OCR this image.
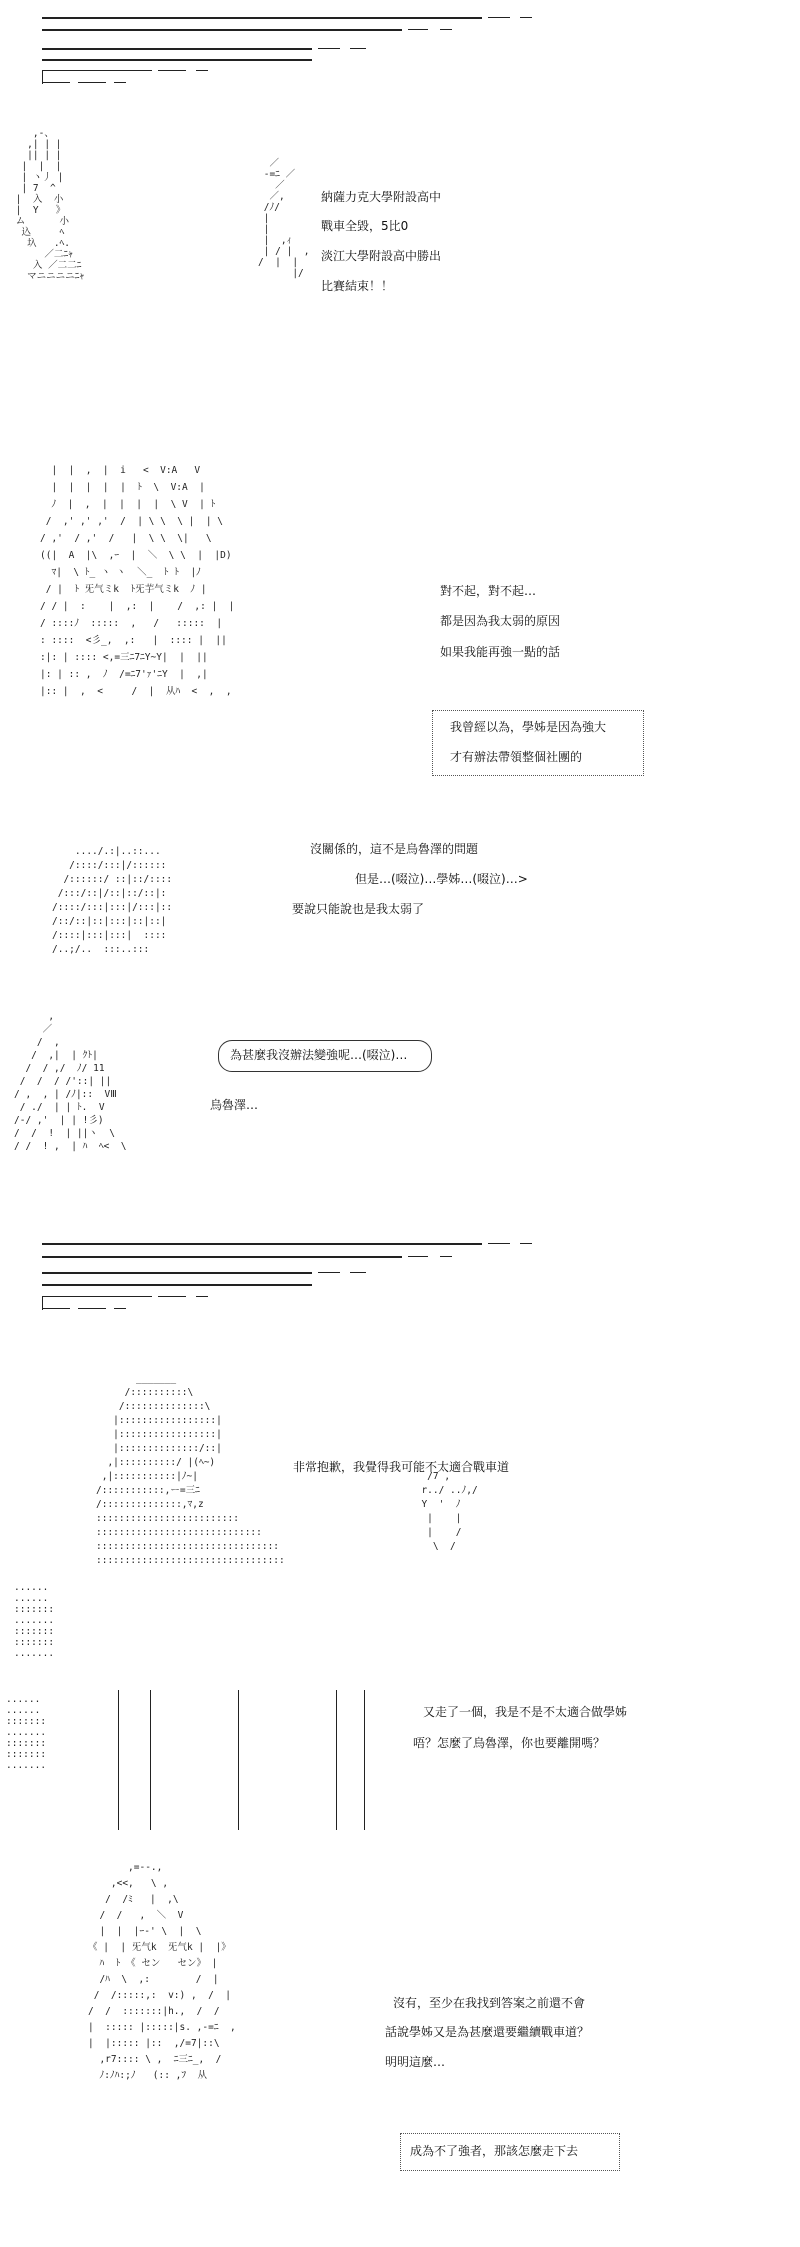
,-、
,| | |
|| | |
|  |  |
| ヽ丿 |
| 7  ^
|  入  小
|  Y   》
ム      小
込     ﾍ
圦   .ﾍ.
／二ﾆｬ
入 ／二二ﾆ
マニニニニﾆｬ
／
-=ﾆ ／
／
／,
/ﾉ/
|
|
|  ,ｨ
| / |  ,
/  |  |
|/
納薩力克大學附設高中
戰車全毀，5比0
淡江大學附設高中勝出
比賽結束！！
|  |  ,  |  i   <  V:A   V
|  |  |  |  |  ﾄ  \  V:A  |
ﾉ  |  ,  |  |  |  |  \ V  | ﾄ
/  ,' ,' ,'  /  | \ \  \ |  | \
/ ,'  / ,'  /   |  \ \  \|   \
((|  A  |\  ,ｰ  |  ＼  \ \  |  |D)
ﾏ|  \ ﾄ_ ヽ ヽ  ＼_  ﾄ ﾄ  |ﾉ
/ |  ﾄ 旡气ミk  ﾄ旡芋气ミk  ﾉ |
/ / |  :    |  ,:  |    /  ,: |  |
/ ::::ﾉ  :::::  ,   /   :::::  |
: ::::  <彡_,  ,:   |  :::: |  ||
:|: | :::: <,=三ﾆ7ﾆY~Y|  |  ||
|: | :: ,  ﾉ  /=ﾆ7'ｧ'ﾆY  |  ,|
|:: |  ,  <     /  |  从ﾊ  <  ,  ,
對不起，對不起…
都是因為我太弱的原因
如果我能再強一點的話
我曾經以為，學姊是因為強大
才有辦法帶領整個社團的
..../.:|..::...
/::::/:::|/::::::
/::::::/ ::|::/::::
/:::/::|/::|::/::|:
/::::/:::|:::|/:::|::
/::/::|::|:::|::|::|
/::::|:::|:::|  ::::
/..;/..  :::..:::
沒關係的，這不是烏魯澤的問題
但是…(啜泣)…學姊…(啜泣)…>
要說只能說也是我太弱了
,
／
/  ,
/  ,|  | ｸﾄ|
/  / ,/  ﾉ/ 11
/  /  / /'::| ||
/ ,  , | /ﾉ|::  VⅢ
/ ./  | | ﾄ.  V
/-/ ,'  | | !彡)
/  /  !  | ||ヽ  \
/ /  ! ,  | ﾊ  ﾍ<  \
為甚麼我沒辦法變強呢…(啜泣)…
烏魯澤…
_______
/::::::::::\
/::::::::::::::\
|:::::::::::::::::|
|:::::::::::::::::|
|::::::::::::::/::|
,|::::::::::/ |(ﾍ~)
,|:::::::::::|ﾉ~|
/:::::::::::,ー=三ﾆ
/::::::::::::::,ﾏ,z
:::::::::::::::::::::::::
:::::::::::::::::::::::::::::
::::::::::::::::::::::::::::::::
:::::::::::::::::::::::::::::::::
......
......
:::::::
.......
:::::::
:::::::
.......
/7 ,
r../ ..ﾉ,/
Y  '  ﾉ
|    |
|    /
\  /
非常抱歉，我覺得我可能不太適合戰車道
......
......
:::::::
.......
:::::::
:::::::
.......
又走了一個，我是不是不太適合做學姊
唔？怎麼了烏魯澤，你也要離開嗎？
,=--.,
,<<,   \ ,
/  /ﾐ   |  ,\
/  /   ,  ＼  V
|  |  |ｰ-' \  |  \
《 |  | 旡气k  旡气k |  |》
ﾊ  ﾄ 《 セン   セン》 |
/ﾊ  \  ,:        /  |
/  /:::::,:  v:) ,  /  |
/  /  :::::::|h.,  /  /
|  ::::: |:::::|s. ,-=ﾆ  ,
|  |::::: |::  ,/=7|::\
,r7:::: \ ,  ﾆ三ﾆ_,  /
ﾉ:ﾉﾊ:;ﾉ   (:: ,ﾌ  从
沒有，至少在我找到答案之前還不會
話說學姊又是為甚麼還要繼續戰車道？
明明這麼…
成為不了強者，那該怎麼走下去
